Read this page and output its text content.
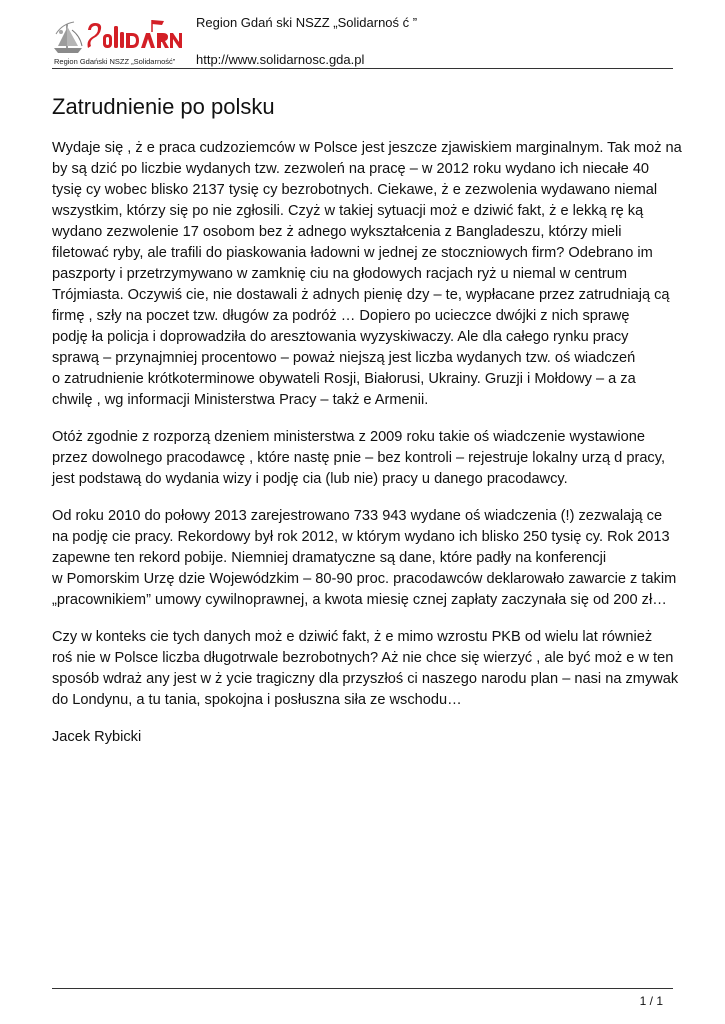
Region Gdański NSZZ „Solidarność”
Region Gdań ski NSZZ „Solidarnoś ć ”
http://www.solidarnosc.gda.pl
Zatrudnienie po polsku
Wydaje się , ż e praca cudzoziemców w Polsce jest jeszcze zjawiskiem marginalnym. Tak moż na
by są dzić po liczbie wydanych tzw. zezwoleń na pracę – w 2012 roku wydano ich niecałe 40
tysię cy wobec blisko 2137 tysię cy bezrobotnych. Ciekawe, ż e zezwolenia wydawano niemal
wszystkim, którzy się po nie zgłosili. Czyż w takiej sytuacji moż e dziwić fakt, ż e lekką rę ką
wydano zezwolenie 17 osobom bez ż adnego wykształcenia z Bangladeszu, którzy mieli
filetować ryby, ale trafili do piaskowania ładowni w jednej ze stoczniowych firm? Odebrano im
paszporty i przetrzymywano w zamknię ciu na głodowych racjach ryż u niemal w centrum
Trójmiasta. Oczywiś cie, nie dostawali ż adnych pienię dzy – te, wypłacane przez zatrudniają cą
firmę , szły na poczet tzw. długów za podróż … Dopiero po ucieczce dwójki z nich sprawę
podję ła policja i doprowadziła do aresztowania wyzyskiwaczy. Ale dla całego rynku pracy
sprawą – przynajmniej procentowo – poważ niejszą jest liczba wydanych tzw. oś wiadczeń
o zatrudnienie krótkoterminowe obywateli Rosji, Białorusi, Ukrainy. Gruzji i Mołdowy – a za
chwilę , wg informacji Ministerstwa Pracy – takż e Armenii.
Otóż zgodnie z rozporzą dzeniem ministerstwa z 2009 roku takie oś wiadczenie wystawione
przez dowolnego pracodawcę , które nastę pnie – bez kontroli – rejestruje lokalny urzą d pracy,
jest podstawą do wydania wizy i podję cia (lub nie) pracy u danego pracodawcy.
Od roku 2010 do połowy 2013 zarejestrowano 733 943 wydane oś wiadczenia (!) zezwalają ce
na podję cie pracy. Rekordowy był rok 2012, w którym wydano ich blisko 250 tysię cy. Rok 2013
zapewne ten rekord pobije. Niemniej dramatyczne są dane, które padły na konferencji
w Pomorskim Urzę dzie Wojewódzkim – 80-90 proc. pracodawców deklarowało zawarcie z takim
„pracownikiem” umowy cywilnoprawnej, a kwota miesię cznej zapłaty zaczynała się od 200 zł…
Czy w konteks cie tych danych moż e dziwić fakt, ż e mimo wzrostu PKB od wielu lat również
roś nie w Polsce liczba długotrwale bezrobotnych? Aż nie chce się wierzyć , ale być moż e w ten
sposób wdraż any jest w ż ycie tragiczny dla przyszłoś ci naszego narodu plan – nasi na zmywak
do Londynu, a tu tania, spokojna i posłuszna siła ze wschodu…

Jacek Rybicki

1 / 1
